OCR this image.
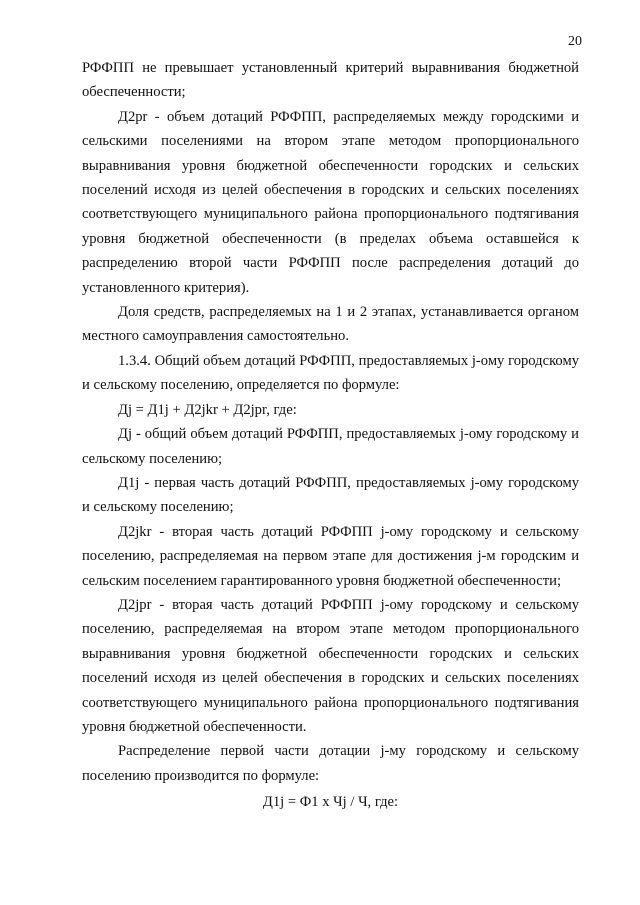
20

РФФПП не превышает установленный критерий выравнивания бюджетной обеспеченности;

Д2pr - объем дотаций РФФПП, распределяемых между городскими и сельскими поселениями на втором этапе методом пропорционального выравнивания уровня бюджетной обеспеченности городских и сельских поселений исходя из целей обеспечения в городских и сельских поселениях соответствующего муниципального района пропорционального подтягивания уровня бюджетной обеспеченности (в пределах объема оставшейся к распределению второй части РФФПП после распределения дотаций до установленного критерия).

Доля средств, распределяемых на 1 и 2 этапах, устанавливается органом местного самоуправления самостоятельно.

1.3.4. Общий объем дотаций РФФПП, предоставляемых j-ому городскому и сельскому поселению, определяется по формуле:

Дj = Д1j + Д2jkr + Д2jpr, где:

Дj - общий объем дотаций РФФПП, предоставляемых j-ому городскому и сельскому поселению;

Д1j - первая часть дотаций РФФПП, предоставляемых j-ому городскому и сельскому поселению;

Д2jkr - вторая часть дотаций РФФПП j-ому городскому и сельскому поселению, распределяемая на первом этапе для достижения j-м городским и сельским поселением гарантированного уровня бюджетной обеспеченности;

Д2jpr - вторая часть дотаций РФФПП j-ому городскому и сельскому поселению, распределяемая на втором этапе методом пропорционального выравнивания уровня бюджетной обеспеченности городских и сельских поселений исходя из целей обеспечения в городских и сельских поселениях соответствующего муниципального района пропорционального подтягивания уровня бюджетной обеспеченности.

Распределение первой части дотации j-му городскому и сельскому поселению производится по формуле:

Д1j = Ф1 x Чj / Ч, где:
